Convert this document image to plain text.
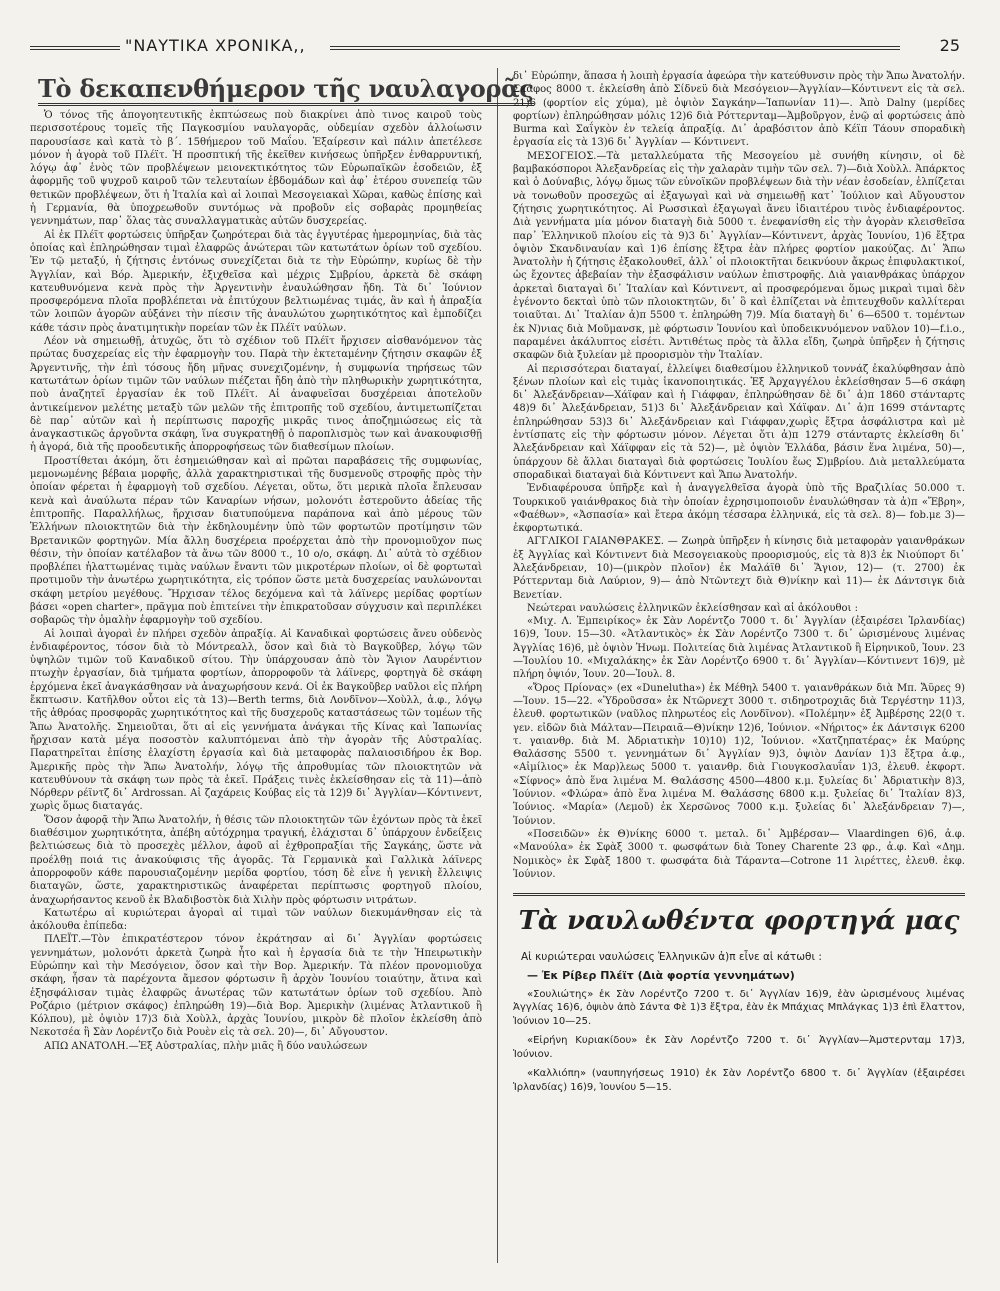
"ΝΑΥΤΙΚΑ ΧΡΟΝΙΚΑ,,	25
Τὸ δεκαπενθήμερον τῆς ναυλαγορᾶς

Ὁ τόνος τῆς ἀπογοητευτικῆς ἐκπτώσεως ποὺ διακρίνει ἀπὸ τινος καιροῦ τοὺς περισσοτέρους τομεῖς τῆς Παγκοσμίου ναυλαγορᾶς, οὐδεμίαν σχεδὸν ἀλλοίωσιν παρουσίασε καὶ κατὰ τὸ β΄. 15θήμερον τοῦ Μαΐου. Ἐξαίρεσιν καὶ πάλιν ἀπετέλεσε μόνον ἡ ἀγορὰ τοῦ Πλέϊτ. Ἡ προσπτική τῆς ἐκεῖθεν κινήσεως ὑπῆρξεν ἐνθαρρυντική, λόγῳ ἀφ᾽ ἑνὸς τῶν προβλέψεων μειονεκτικότητος τῶν Εὐρωπαϊκῶν ἐσοδειῶν, ἐξ ἀφορμῆς τοῦ ψυχροῦ καιροῦ τῶν τελευταίων ἑβδομάδων καὶ ἀφ᾽ ἑτέρου συνεπείᾳ τῶν θετικῶν προβλέψεων, ὅτι ἡ Ἰταλία καὶ αἱ λοιπαὶ Μεσογειακαὶ Χῶραι, καθὼς ἐπίσης καὶ ἡ Γερμανία, θὰ ὑποχρεωθοῦν συντόμως νὰ προβοῦν εἰς σοβαρὰς προμηθείας γεννημάτων, παρ᾽ ὅλας τὰς συναλλαγματικὰς αὐτῶν δυσχερείας.

Αἱ ἐκ Πλέϊτ φορτώσεις ὑπῆρξαν ζωηρότεραι διὰ τὰς ἐγγυτέρας ἡμερομηνίας, διὰ τὰς ὁποίας καὶ ἐπληρώθησαν τιμαὶ ἐλαφρῶς ἀνώτεραι τῶν κατωτάτων ὁρίων τοῦ σχεδίου. Ἐν τῷ μεταξύ, ἡ ζήτησις ἐντόνως συνεχίζεται διὰ τε τὴν Εὐρώπην, κυρίως δὲ τὴν Ἀγγλίαν, καὶ Βόρ. Ἀμερικήν, ἐξιχθεῖσα καὶ μέχρις Σμβρίου, ἀρκετὰ δὲ σκάφη κατευθυνόμενα κενὰ πρὸς τὴν Ἀργεντινὴν ἐναυλώθησαν ἤδη. Τὰ δι᾽ Ἰούνιον προσφερόμενα πλοῖα προβλέπεται νὰ ἐπιτύχουν βελτιωμένας τιμάς, ἂν καὶ ἡ ἀπραξία τῶν λοιπῶν ἀγορῶν αὐξάνει τὴν πίεσιν τῆς ἀναυλώτου χωρητικότητος καὶ ἐμποδίζει κάθε τάσιν πρὸς ἀνατιμητικὴν πορείαν τῶν ἐκ Πλέϊτ ναύλων.

Λέον νὰ σημειωθῇ, ἀτυχῶς, ὅτι τὸ σχέδιον τοῦ Πλέϊτ ἤρχισεν αἰσθανόμενον τὰς πρώτας δυσχερείας εἰς τὴν ἐφαρμογὴν του. Παρὰ τὴν ἐκτεταμένην ζήτησιν σκαφῶν ἐξ Ἀργεντινῆς, τὴν ἐπὶ τόσους ἤδη μῆνας συνεχιζομένην, ἡ συμφωνία τηρήσεως τῶν κατωτάτων ὁρίων τιμῶν τῶν ναύλων πιέζεται ἤδη ἀπὸ τὴν πληθωρικὴν χωρητικότητα, ποὺ ἀναζητεῖ ἐργασίαν ἐκ τοῦ Πλέϊτ. Αἱ ἀναφυεῖσαι δυσχέρειαι ἀποτελοῦν ἀντικείμενον μελέτης μεταξὺ τῶν μελῶν τῆς ἐπιτροπῆς τοῦ σχεδίου, ἀντιμετωπίζεται δὲ παρ᾽ αὐτῶν καὶ ἡ περίπτωσις παροχῆς μικρᾶς τινος ἀποζημιώσεως εἰς τὰ ἀναγκαστικῶς ἀργοῦντα σκάφη, ἵνα συγκρατηθῇ ὁ παροπλισμὸς των καὶ ἀνακουφισθῇ ἡ ἀγορά, διὰ τῆς προοδευτικῆς ἀπορροφήσεως τῶν διαθεσίμων πλοίων.

Προστίθεται ἀκόμη, ὅτι ἐσημειώθησαν καὶ αἱ πρῶται παραβάσεις τῆς συμφωνίας, μεμονωμένης βέβαια μορφῆς, ἀλλὰ χαρακτηριστικαὶ τῆς δυσμενοῦς στροφῆς πρὸς τὴν ὁποίαν φέρεται ἡ ἐφαρμογὴ τοῦ σχεδίου. Λέγεται, οὕτω, ὅτι μερικὰ πλοῖα ἔπλευσαν κενὰ καὶ ἀναύλωτα πέραν τῶν Καναρίων νήσων, μολονότι ἐστεροῦντο ἀδείας τῆς ἐπιτροπῆς. Παραλλήλως, ἤρχισαν διατυπούμενα παράπονα καὶ ἀπὸ μέρους τῶν Ἑλλήνων πλοιοκτητῶν διὰ τὴν ἐκδηλουμένην ὑπὸ τῶν φορτωτῶν προτίμησιν τῶν Βρετανικῶν φορτηγῶν. Μία ἄλλη δυσχέρεια προέρχεται ἀπὸ τὴν προνομιοῦχον πως θέσιν, τὴν ὁποίαν κατέλαβον τὰ ἄνω τῶν 8000 τ., 10 ο/ο, σκάφη. Δι᾽ αὐτὰ τὸ σχέδιον προβλέπει ἠλαττωμένας τιμὰς ναύλων ἔναντι τῶν μικροτέρων πλοίων, οἱ δὲ φορτωταὶ προτιμοῦν τὴν ἀνωτέρω χωρητικότητα, εἰς τρόπον ὥστε μετὰ δυσχερείας ναυλώνονται σκάφη μετρίου μεγέθους. Ἤρχισαν τέλος δεχόμενα καὶ τὰ λάϊνερς μερίδας φορτίων βάσει «open charter», πρᾶγμα ποὺ ἐπιτείνει τὴν ἐπικρατοῦσαν σύγχυσιν καὶ περιπλέκει σοβαρῶς τὴν ὁμαλὴν ἐφαρμογὴν τοῦ σχεδίου.

Αἱ λοιπαὶ ἀγοραὶ ἐν πλήρει σχεδὸν ἀπραξίᾳ. Αἱ Καναδικαὶ φορτώσεις ἄνευ οὐδενὸς ἐνδιαφέροντος, τόσον διὰ τὸ Μόντρεαλλ, ὅσον καὶ διὰ τὸ Βαγκοῦβερ, λόγῳ τῶν ὑψηλῶν τιμῶν τοῦ Καναδικοῦ σίτου. Τὴν ὑπάρχουσαν ἀπὸ τὸν Ἅγιον Λαυρέντιον πτωχὴν ἐργασίαν, διὰ τμήματα φορτίων, ἀπορροφοῦν τὰ λάϊνερς, φορτηγὰ δὲ σκάφη ἐρχόμενα ἐκεῖ ἀναγκάσθησαν νὰ ἀναχωρήσουν κενά. Οἱ ἐκ Βαγκοῦβερ ναῦλοι εἰς πλήρη ἔκπτωσιν. Κατῆλθον οὗτοι εἰς τὰ 13)—Berth terms, διὰ Λονδῖνον—Χοὺλλ, ἀ.φ., λόγῳ τῆς ἀθρόας προσφορᾶς χωρητικότητος καὶ τῆς δυσχεροῦς καταστάσεως τῶν τομέων τῆς Ἄπω Ἀνατολῆς. Σημειοῦται, ὅτι αἱ εἰς γεννήματα ἀνάγκαι τῆς Κίνας καὶ Ἰαπωνίας ἤρχισαν κατὰ μέγα ποσοστὸν καλυπτόμεναι ἀπὸ τὴν ἀγορὰν τῆς Αὐστραλίας. Παρατηρεῖται ἐπίσης ἐλαχίστη ἐργασία καὶ διὰ μεταφορὰς παλαιοσιδήρου ἐκ Βορ. Ἀμερικῆς πρὸς τὴν Ἄπω Ἀνατολήν, λόγῳ τῆς ἀπροθυμίας τῶν πλοιοκτητῶν νὰ κατευθύνουν τὰ σκάφη των πρὸς τὰ ἐκεῖ. Πράξεις τινὲς ἐκλείσθησαν εἰς τὰ 11)—ἀπὸ Νόρθερν ρέϊντζ δι᾽ Ardrossan. Αἱ ζαχάρεις Κούβας εἰς τὰ 12)9 δι᾽ Ἀγγλίαν—Κόντινεντ, χωρὶς ὅμως διαταγάς.

Ὅσον ἀφορᾷ τὴν Ἄπω Ἀνατολήν, ἡ θέσις τῶν πλοιοκτητῶν τῶν ἐχόντων πρὸς τὰ ἐκεῖ διαθέσιμον χωρητικότητα, ἀπέβη αὐτόχρημα τραγική, ἐλάχισται δ᾽ ὑπάρχουν ἐνδείξεις βελτιώσεως διὰ τὸ προσεχὲς μέλλον, ἀφοῦ αἱ ἐχθροπραξίαι τῆς Σαγκάης, ὥστε νὰ προέλθῃ ποιά τις ἀνακούφισις τῆς ἀγορᾶς. Τὰ Γερμανικὰ καὶ Γαλλικὰ λάϊνερς ἀπορροφοῦν κάθε παρουσιαζομένην μερίδα φορτίου, τόση δὲ εἶνε ἡ γενικὴ ἔλλειψις διαταγῶν, ὥστε, χαρακτηριστικῶς ἀναφέρεται περίπτωσις φορτηγοῦ πλοίου, ἀναχωρήσαντος κενοῦ ἐκ Βλαδιβοστὸκ διὰ Χιλὴν πρὸς φόρτωσιν νιτράτων.

Κατωτέρω αἱ κυριώτεραι ἀγοραὶ αἱ τιμαὶ τῶν ναύλων διεκυμάνθησαν εἰς τὰ ἀκόλουθα ἐπίπεδα:

ΠΛΕΪΤ.—Τὸν ἐπικρατέστερον τόνον ἐκράτησαν αἱ δι᾽ Ἀγγλίαν φορτώσεις γεννημάτων, μολονότι ἀρκετὰ ζωηρὰ ἦτο καὶ ἡ ἐργασία διὰ τε τὴν Ἠπειρωτικὴν Εὐρώπην καὶ τὴν Μεσόγειον, ὅσον καὶ τὴν Βορ. Ἀμερικήν. Τὰ πλέον προνομιοῦχα σκάφη, ἦσαν τὰ παρέχοντα ἄμεσον φόρτωσιν ἢ ἀρχὸν Ἰουνίου τοιαύτην, ἅτινα καὶ ἐξησφάλισαν τιμὰς ἐλαφρῶς ἀνωτέρας τῶν κατωτάτων ὁρίων τοῦ σχεδίου. Ἀπὸ Ροζάριο (μέτριον σκάφος) ἐπληρώθη 19)—διὰ Βορ. Ἀμερικὴν (λιμένας Ἀτλαντικοῦ ἢ Κόλπου), μὲ ὀψιὸν 17)3 διὰ Χοὺλλ, ἀρχὰς Ἰουνίου, μικρὸν δὲ πλοῖον ἐκλείσθη ἀπὸ Νεκοτσέα ἢ Σὰν Λορέντζο διὰ Ρουὲν εἰς τὰ σελ. 20)—, δι᾽ Αὔγουστον.

ΑΠΩ ΑΝΑΤΟΛΗ.—Ἐξ Αὐστραλίας, πλὴν μιᾶς ἢ δύο ναυλώσεων

δι᾽ Εὐρώπην, ἅπασα ἡ λοιπὴ ἐργασία ἀφεώρα τὴν κατεύθυνσιν πρὸς τὴν Ἄπω Ἀνατολήν. Σκάφος 8000 τ. ἐκλείσθη ἀπὸ Σίδνεϋ διὰ Μεσόγειον—Ἀγγλίαν—Κόντινεντ εἰς τὰ σελ. 21)6 (φορτίον εἰς χύμα), μὲ ὀψιὸν Σαγκάην—Ἰαπωνίαν 11)—. Ἀπὸ Dalny (μερίδες φορτίων) ἐπληρώθησαν μόλις 12)6 διὰ Ρόττερνταμ—Ἀμβοῦργον, ἐνῷ αἱ φορτώσεις ἀπὸ Burma καὶ Σαΐγκὸν ἐν τελείᾳ ἀπραξίᾳ. Δι᾽ ἀραβόσιτον ἀπὸ Κέϊπ Τάουν σποραδικὴ ἐργασία εἰς τὰ 13)6 δι᾽ Ἀγγλίαν — Κόντινεντ.

ΜΕΣΟΓΕΙΟΣ.—Τὰ μεταλλεύματα τῆς Μεσογείου μὲ συνήθη κίνησιν, οἱ δὲ βαμβακόσποροι Ἀλεξανδρείας εἰς τὴν χαλαρὰν τιμὴν τῶν σελ. 7)—διὰ Χοὺλλ. Ἀπάρκτος καὶ ὁ Δούναβις, λόγῳ ὅμως τῶν εὐνοϊκῶν προβλέψεων διὰ τὴν νέαν ἐσοδείαν, ἐλπίζεται νὰ τονωθοῦν προσεχῶς αἱ ἐξαγωγαὶ καὶ νὰ σημειωθῇ κατ᾽ Ἰούλιον καὶ Αὔγουστον ζήτησις χωρητικότητος. Αἱ Ρωσσικαὶ ἐξαγωγαὶ ἄνευ ἰδιαιτέρου τινὸς ἐνδιαφέροντος. Διὰ γεννήματα μία μόνον διαταγὴ διὰ 5000 τ. ἐνεφανίσθη εἰς τὴν ἀγορὰν κλεισθεῖσα παρ᾽ Ἑλληνικοῦ πλοίου εἰς τὰ 9)3 δι᾽ Ἀγγλίαν—Κόντινεντ, ἀρχὰς Ἰουνίου, 1)6 ἔξτρα ὀψιὸν Σκανδιναυίαν καὶ 1)6 ἐπίσης ἔξτρα ἐὰν πλήρες φορτίον μακούζας. Δι᾽ Ἄπω Ἀνατολὴν ἡ ζήτησις ἐξακολουθεῖ, ἀλλ᾽ οἱ πλοιοκτῆται δεικνύουν ἄκρως ἐπιφυλακτικοί, ὡς ἔχοντες ἀβεβαίαν τὴν ἐξασφάλισιν ναύλων ἐπιστροφῆς. Διὰ γαιανθράκας ὑπάρχον ἀρκεταὶ διαταγαὶ δι᾽ Ἰταλίαν καὶ Κόντινεντ, αἱ προσφερόμεναι ὅμως μικραὶ τιμαὶ δὲν ἐγένοντο δεκταὶ ὑπὸ τῶν πλοιοκτητῶν, δι᾽ ὃ καὶ ἐλπίζεται νὰ ἐπιτευχθοῦν καλλίτεραι τοιαῦται. Δι᾽ Ἰταλίαν ἀ)π 5500 τ. ἐπληρώθη 7)9. Μία διαταγὴ δι᾽ 6—6500 τ. τομέντων ἐκ Ν)νιας διὰ Μοῦμανσκ, μὲ φόρτωσιν Ἰουνίου καὶ ὑποδεικνυόμενον ναῦλον 10)—f.i.o., παραμένει ἀκάλυπτος εἰσέτι. Ἀντιθέτως πρὸς τὰ ἄλλα εἴδη, ζωηρὰ ὑπῆρξεν ἡ ζήτησις σκαφῶν διὰ ξυλείαν μὲ προορισμὸν τὴν Ἰταλίαν.

Αἱ περισσότεραι διαταγαί, ἐλλείψει διαθεσίμου ἑλληνικοῦ τοννάζ ἐκαλύφθησαν ἀπὸ ξένων πλοίων καὶ εἰς τιμὰς ἱκανοποιητικάς. Ἐξ Ἀρχαγγέλου ἐκλείσθησαν 5—6 σκάφη δι᾽ Ἀλεξάνδρειαν—Χάϊφαν καὶ ἡ Γιάφφαν, ἐπληρώθησαν δὲ δι᾽ ἀ)π 1860 στάνταρτς 48)9 δι᾽ Ἀλεξάνδρειαν, 51)3 δι᾽ Ἀλεξάνδρειαν καὶ Χάϊφαν. Δι᾽ ἀ)π 1699 στάνταρτς ἐπληρώθησαν 53)3 δι᾽ Ἀλεξάνδρειαν καὶ Γιάφφαν,χωρὶς ἔξτρα ἀσφάλιστρα καὶ μὲ ἐντίσπατς εἰς τὴν φόρτωσιν μόνον. Λέγεται ὅτι ἀ)π 1279 στάνταρτς ἐκλείσθη δι᾽ Ἀλεξάνδρειαν καὶ Χάϊφφαν εἰς τὰ 52)—, μὲ ὀψιὸν Ἑλλάδα, βάσιν ἕνα λιμένα, 50)—, ὑπάρχουν δὲ ἄλλαι διαταγαὶ διὰ φορτώσεις Ἰουλίου ἕως Σ)μβρίου. Διὰ μεταλλεύματα σποραδικαὶ διαταγαὶ διὰ Κόντινεντ καὶ Ἄπω Ἀνατολήν.

Ἐνδιαφέρουσα ὑπῆρξε καὶ ἡ ἀναγγελθεῖσα ἀγορὰ ὑπὸ τῆς Βραζιλίας 50.000 τ. Τουρκικοῦ γαιάνθρακος διὰ τὴν ὁποίαν ἐχρησιμοποιοῦν ἐναυλώθησαν τὰ ἀ)π «Ἔβρη», «Φαέθων», «Ἀσπασία» καὶ ἔτερα ἀκόμη τέσσαρα ἑλληνικά, εἰς τὰ σελ. 8)— fob.με 3)— ἐκφορτωτικά.

ΑΓΓΛΙΚΟΙ ΓΑΙΑΝΘΡΑΚΕΣ. — Ζωηρὰ ὑπῆρξεν ἡ κίνησις διὰ μεταφορὰν γαιανθράκων ἐξ Ἀγγλίας καὶ Κόντινεντ διὰ Μεσογειακοὺς προορισμούς, εἰς τὰ 8)3 ἐκ Νιούπορτ δι᾽ Ἀλεξάνδρειαν, 10)—(μικρὸν πλοῖον) ἐκ Μαλάϊθ δι᾽ Ἅγιον, 12)— (τ. 2700) ἐκ Ρόττερνταμ διὰ Λαύριον, 9)— ἀπὸ Ντῶντεχτ διὰ Θ)νίκην καὶ 11)— ἐκ Δάντσιγκ διὰ Βενετίαν.

Νεώτεραι ναυλώσεις ἑλληνικῶν ἐκλείσθησαν καὶ αἱ ἀκόλουθοι :

«Μιχ. Λ. Ἐμπειρίκος» ἐκ Σὰν Λορέντζο 7000 τ. δι᾽ Ἀγγλίαν (ἐξαιρέσει Ἰρλανδίας) 16)9, Ἰουν. 15—30. «Ἀτλαντικὸς» ἐκ Σὰν Λορέντζο 7300 τ. δι᾽ ὡρισμένους λιμένας Ἀγγλίας 16)6, μὲ ὀψιὸν Ἡνωμ. Πολιτείας διὰ λιμένας Ἀτλαντικοῦ ἢ Εἰρηνικοῦ, Ἰουν. 23—Ἰουλίου 10. «Μιχαλάκης» ἐκ Σὰν Λορέντζο 6900 τ. δι᾽ Ἀγγλίαν—Κόντινεντ 16)9, μὲ πλήρη ὀψιόν, Ἰουν. 20—Ἰουλ. 8.

«Ὄρος Πρίονας» (ex «Duneluthа») ἐκ Μέθηλ 5400 τ. γαιανθράκων διὰ Μπ. Ἄϋρες 9)—Ἰουν. 15—22. «Ὑδροῦσσα» ἐκ Ντῶρνεχτ 3000 τ. σιδηροτροχιᾶς διὰ Τεργέστην 11)3, ἐλευθ. φορτωτικῶν (ναῦλος πληρωτέος εἰς Λονδῖνον). «Πολέμην» ἐξ Ἀμβέρσης 22(0 τ. γεν. εἰδῶν διὰ Μάλταν—Πειραιᾶ—Θ)νίκην 12)6, Ἰούνιον. «Νήριτος» ἐκ Δάντσιγκ 6200 τ. γαιανθρ. διὰ Μ. Ἀδριατικὴν 10)10) 1)2, Ἰούνιον. «Χατζηπατέρας» ἐκ Μαύρης Θαλάσσης 5500 τ. γεννημάτων δι᾽ Ἀγγλίαν 9)3, ὀψιὸν Δανίαν 1)3 ἔξτρα ἀ.φ., «Αἰμίλιος» ἐκ Μαρ)λεως 5000 τ. γαιανθρ. διὰ Γιουγκοσλαυΐαν 1)3, ἐλευθ. ἐκφορτ. «Σίφνος» ἀπὸ ἕνα λιμένα Μ. Θαλάσσης 4500—4800 κ.μ. ξυλείας δι᾽ Ἀδριατικὴν 8)3, Ἰούνιον. «Φλώρα» ἀπὸ ἕνα λιμένα Μ. Θαλάσσης 6800 κ.μ. ξυλείας δι᾽ Ἰταλίαν 8)3, Ἰούνιος. «Μαρία» (Λεμοῦ) ἐκ Χερσῶνος 7000 κ.μ. ξυλείας δι᾽ Ἀλεξάνδρειαν 7)—, Ἰούνιον.

«Ποσειδῶν» ἐκ Θ)νίκης 6000 τ. μεταλ. δι᾽ Ἀμβέρσαν— Vlaardingen 6)6, ἀ.φ. «Μανούλα» ἐκ Σφὰξ 3000 τ. φωσφάτων διὰ Toney Charente 23 φρ., ἀ.φ. Καὶ «Δημ. Νομικὸς» ἐκ Σφὰξ 1800 τ. φωσφάτα διὰ Τάραντα—Cotrone 11 λιρέττες, ἐλευθ. ἐκφ. Ἰούνιον.

Τὰ ναυλωθέντα φορτηγά μας
Αἱ κυριώτεραι ναυλώσεις Ἑλληνικῶν ἀ)π εἶνε αἱ κάτωθι :
— Ἐκ Ρίβερ Πλέϊτ (Διὰ φορτία γεννημάτων)

«Σουλιώτης» ἐκ Σὰν Λορέντζο 7200 τ. δι᾽ Ἀγγλίαν 16)9, ἐὰν ὡρισμένους λιμένας Ἀγγλίας 16)6, ὀψιὸν ἀπὸ Σάντα Φὲ 1)3 ἔξτρα, ἐὰν ἐκ Μπάχιας Μπλάγκας 1)3 ἐπὶ ἔλαττον, Ἰούνιον 10—25.

«Εἰρήνη Κυριακίδου» ἐκ Σὰν Λορέντζο 7200 τ. δι᾽ Ἀγγλίαν—Ἀμστερνταμ 17)3, Ἰούνιον.

«Καλλιόπη» (ναυπηγήσεως 1910) ἐκ Σὰν Λορέντζο 6800 τ. δι᾽ Ἀγγλίαν (ἐξαιρέσει Ἰρλανδίας) 16)9, Ἰουνίου 5—15.
